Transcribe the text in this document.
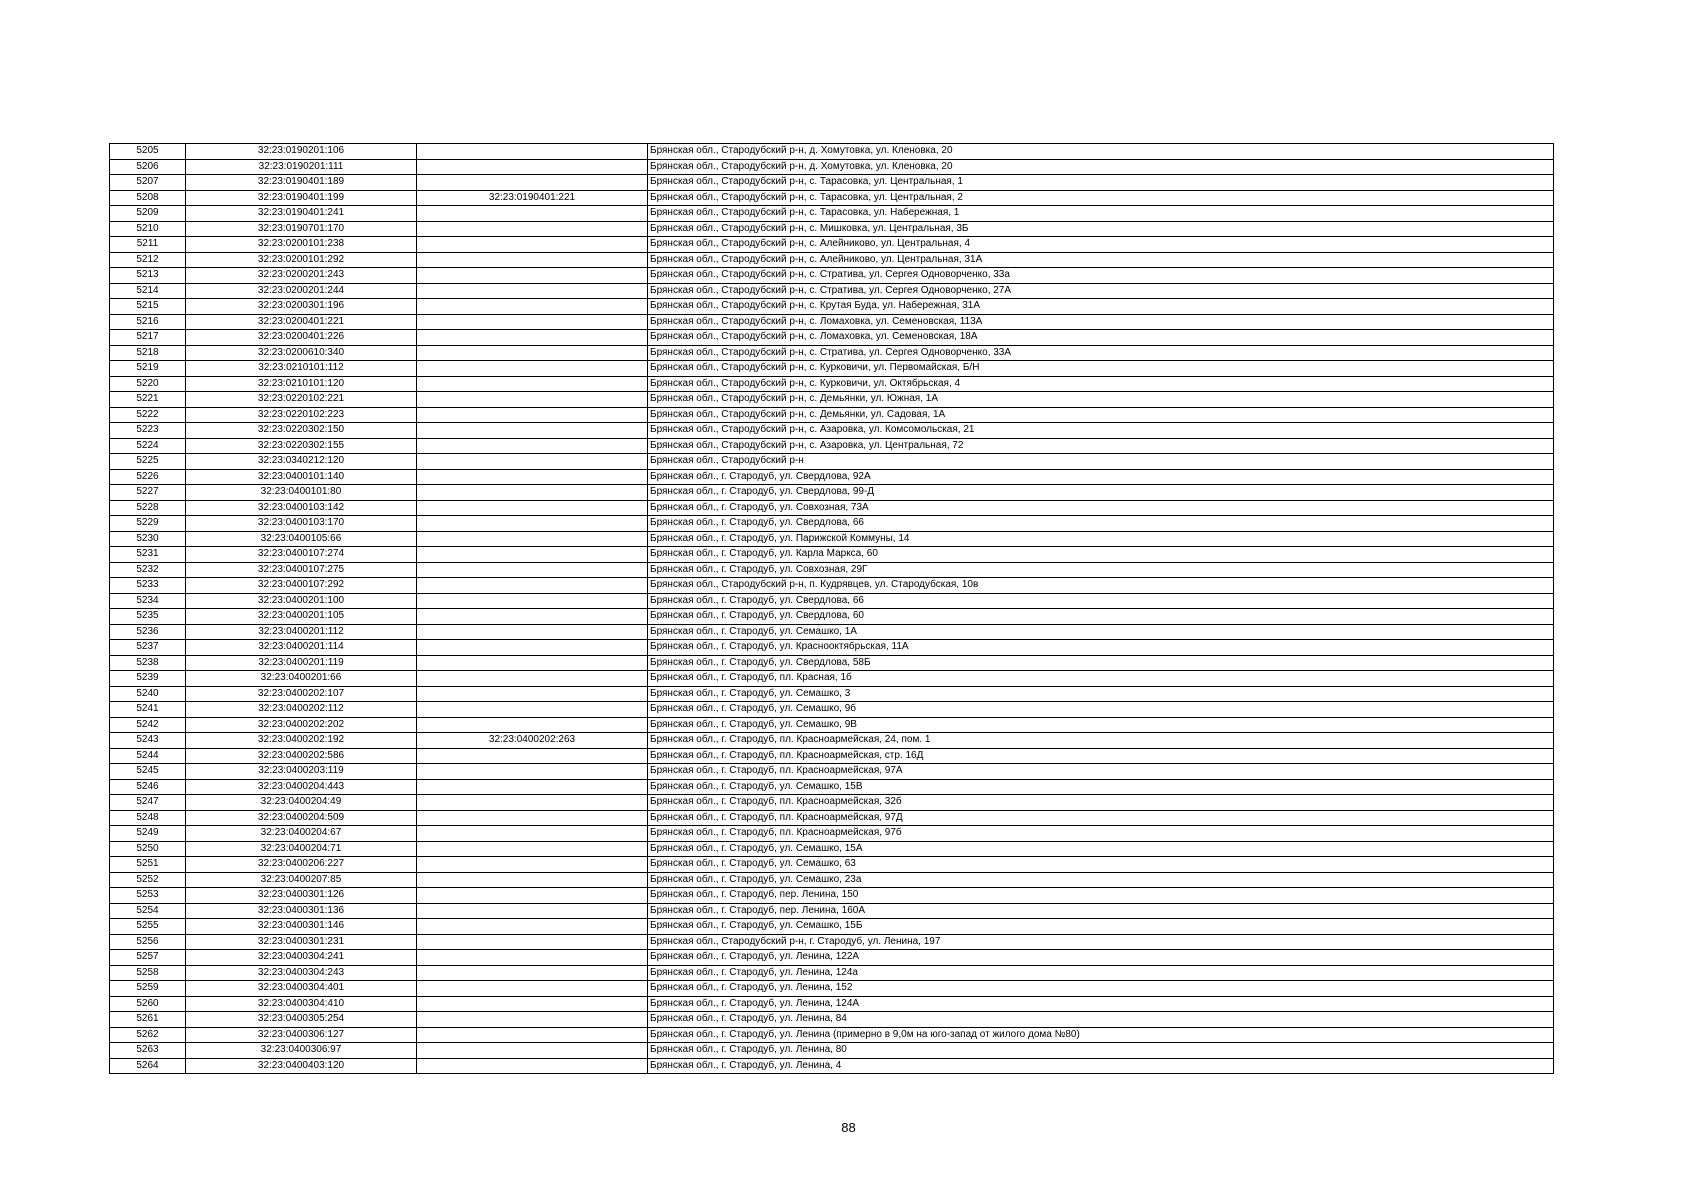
5205	32:23:0190201:106		Брянская обл., Стародубский р-н, д. Хомутовка, ул. Кленовка, 20
5206	32:23:0190201:111		Брянская обл., Стародубский р-н, д. Хомутовка, ул. Кленовка, 20
5207	32:23:0190401:189		Брянская обл., Стародубский р-н, с. Тарасовка, ул. Центральная, 1
5208	32:23:0190401:199	32:23:0190401:221	Брянская обл., Стародубский р-н, с. Тарасовка, ул. Центральная, 2
5209	32:23:0190401:241		Брянская обл., Стародубский р-н, с. Тарасовка, ул. Набережная, 1
5210	32:23:0190701:170		Брянская обл., Стародубский р-н, с. Мишковка, ул. Центральная, 3Б
5211	32:23:0200101:238		Брянская обл., Стародубский р-н, с. Алейниково, ул. Центральная, 4
5212	32:23:0200101:292		Брянская обл., Стародубский р-н, с. Алейниково, ул. Центральная, 31А
5213	32:23:0200201:243		Брянская обл., Стародубский р-н, с. Стратива, ул. Сергея Одноворченко, 33а
5214	32:23:0200201:244		Брянская обл., Стародубский р-н, с. Стратива, ул. Сергея Одноворченко, 27А
5215	32:23:0200301:196		Брянская обл., Стародубский р-н, с. Крутая Буда, ул. Набережная, 31А
5216	32:23:0200401:221		Брянская обл., Стародубский р-н, с. Ломаховка, ул. Семеновская, 113А
5217	32:23:0200401:226		Брянская обл., Стародубский р-н, с. Ломаховка, ул. Семеновская, 18А
5218	32:23:0200610:340		Брянская обл., Стародубский р-н, с. Стратива, ул. Сергея Одноворченко, 33А
5219	32:23:0210101:112		Брянская обл., Стародубский р-н, с. Курковичи, ул. Первомайская, Б/Н
5220	32:23:0210101:120		Брянская обл., Стародубский р-н, с. Курковичи, ул. Октябрьская, 4
5221	32:23:0220102:221		Брянская обл., Стародубский р-н, с. Демьянки, ул. Южная, 1А
5222	32:23:0220102:223		Брянская обл., Стародубский р-н, с. Демьянки, ул. Садовая, 1А
5223	32:23:0220302:150		Брянская обл., Стародубский р-н, с. Азаровка, ул. Комсомольская, 21
5224	32:23:0220302:155		Брянская обл., Стародубский р-н, с. Азаровка, ул. Центральная, 72
5225	32:23:0340212:120		Брянская обл., Стародубский р-н
5226	32:23:0400101:140		Брянская обл., г. Стародуб, ул. Свердлова, 92А
5227	32:23:0400101:80		Брянская обл., г. Стародуб, ул. Свердлова, 99-Д
5228	32:23:0400103:142		Брянская обл., г. Стародуб, ул. Совхозная, 73А
5229	32:23:0400103:170		Брянская обл., г. Стародуб, ул. Свердлова, 66
5230	32:23:0400105:66		Брянская обл., г. Стародуб, ул. Парижской Коммуны, 14
5231	32:23:0400107:274		Брянская обл., г. Стародуб, ул. Карла Маркса, 60
5232	32:23:0400107:275		Брянская обл., г. Стародуб, ул. Совхозная, 29Г
5233	32:23:0400107:292		Брянская обл., Стародубский р-н, п. Кудрявцев, ул. Стародубская, 10в
5234	32:23:0400201:100		Брянская обл., г. Стародуб, ул. Свердлова, 66
5235	32:23:0400201:105		Брянская обл., г. Стародуб, ул. Свердлова, 60
5236	32:23:0400201:112		Брянская обл., г. Стародуб, ул. Семашко, 1А
5237	32:23:0400201:114		Брянская обл., г. Стародуб, ул. Краснооктябрьская, 11А
5238	32:23:0400201:119		Брянская обл., г. Стародуб, ул. Свердлова, 58Б
5239	32:23:0400201:66		Брянская обл., г. Стародуб, пл. Красная, 1б
5240	32:23:0400202:107		Брянская обл., г. Стародуб, ул. Семашко, 3
5241	32:23:0400202:112		Брянская обл., г. Стародуб, ул. Семашко, 9б
5242	32:23:0400202:202		Брянская обл., г. Стародуб, ул. Семашко, 9В
5243	32:23:0400202:192	32:23:0400202:263	Брянская обл., г. Стародуб, пл. Красноармейская, 24, пом. 1
5244	32:23:0400202:586		Брянская обл., г. Стародуб, пл. Красноармейская, стр. 16Д
5245	32:23:0400203:119		Брянская обл., г. Стародуб, пл. Красноармейская, 97А
5246	32:23:0400204:443		Брянская обл., г. Стародуб, ул. Семашко, 15В
5247	32:23:0400204:49		Брянская обл., г. Стародуб, пл. Красноармейская, 32б
5248	32:23:0400204:509		Брянская обл., г. Стародуб, пл. Красноармейская, 97Д
5249	32:23:0400204:67		Брянская обл., г. Стародуб, пл. Красноармейская, 97б
5250	32:23:0400204:71		Брянская обл., г. Стародуб, ул. Семашко, 15А
5251	32:23:0400206:227		Брянская обл., г. Стародуб, ул. Семашко, 63
5252	32:23:0400207:85		Брянская обл., г. Стародуб, ул. Семашко, 23а
5253	32:23:0400301:126		Брянская обл., г. Стародуб, пер. Ленина, 150
5254	32:23:0400301:136		Брянская обл., г. Стародуб, пер. Ленина, 160А
5255	32:23:0400301:146		Брянская обл., г. Стародуб, ул. Семашко, 15Б
5256	32:23:0400301:231		Брянская обл., Стародубский р-н, г. Стародуб, ул. Ленина, 197
5257	32:23:0400304:241		Брянская обл., г. Стародуб, ул. Ленина, 122А
5258	32:23:0400304:243		Брянская обл., г. Стародуб, ул. Ленина, 124а
5259	32:23:0400304:401		Брянская обл., г. Стародуб, ул. Ленина, 152
5260	32:23:0400304:410		Брянская обл., г. Стародуб, ул. Ленина, 124А
5261	32:23:0400305:254		Брянская обл., г. Стародуб, ул. Ленина, 84
5262	32:23:0400306:127		Брянская обл., г. Стародуб, ул. Ленина (примерно в 9,0м на юго-запад от жилого дома №80)
5263	32:23:0400306:97		Брянская обл., г. Стародуб, ул. Ленина, 80
5264	32:23:0400403:120		Брянская обл., г. Стародуб, ул. Ленина, 4
88
